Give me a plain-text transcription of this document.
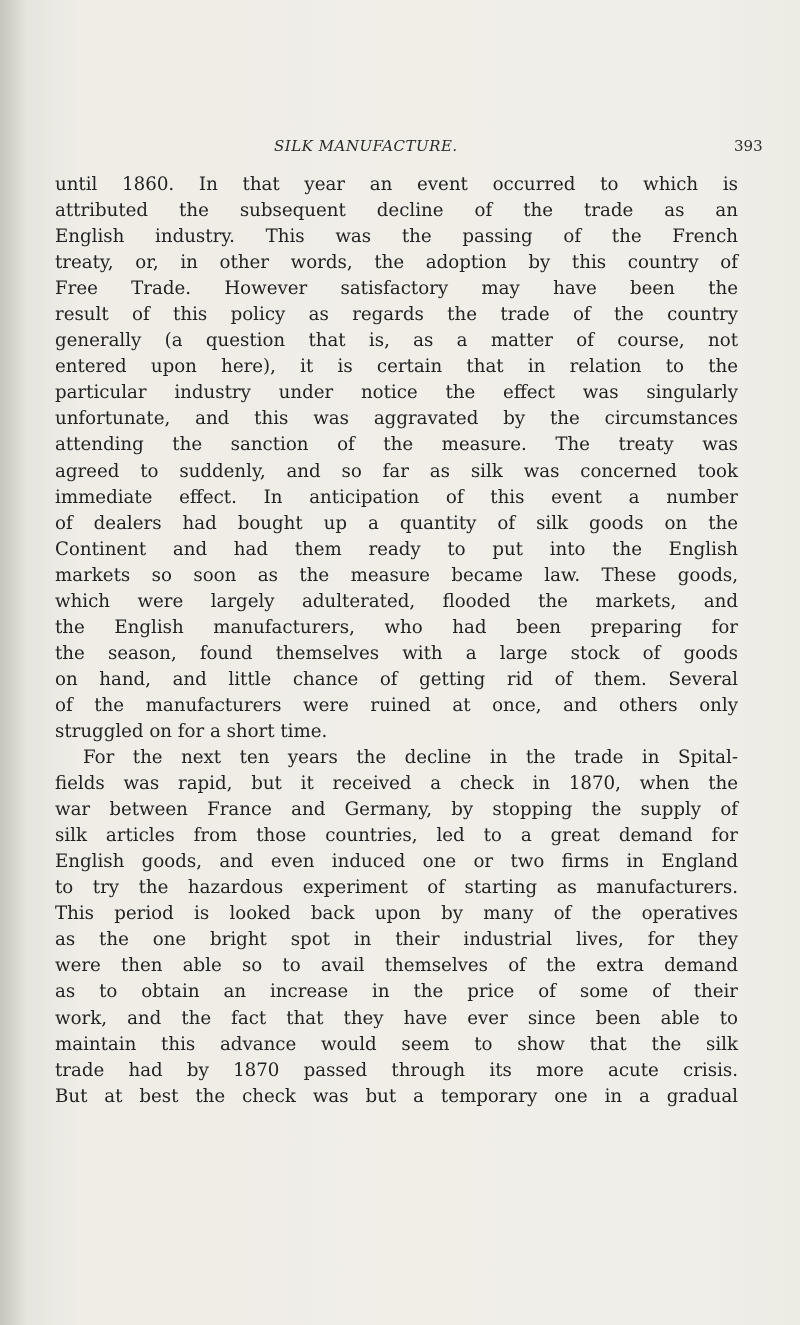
SILK MANUFACTURE.	393
until 1860. In that year an event occurred to which is
attributed the subsequent decline of the trade as an
English industry. This was the passing of the French
treaty, or, in other words, the adoption by this country of
Free Trade. However satisfactory may have been the
result of this policy as regards the trade of the country
generally (a question that is, as a matter of course, not
entered upon here), it is certain that in relation to the
particular industry under notice the effect was singularly
unfortunate, and this was aggravated by the circumstances
attending the sanction of the measure. The treaty was
agreed to suddenly, and so far as silk was concerned took
immediate effect. In anticipation of this event a number
of dealers had bought up a quantity of silk goods on the
Continent and had them ready to put into the English
markets so soon as the measure became law. These goods,
which were largely adulterated, flooded the markets, and
the English manufacturers, who had been preparing for
the season, found themselves with a large stock of goods
on hand, and little chance of getting rid of them. Several
of the manufacturers were ruined at once, and others only
struggled on for a short time.
For the next ten years the decline in the trade in Spital-
fields was rapid, but it received a check in 1870, when the
war between France and Germany, by stopping the supply of
silk articles from those countries, led to a great demand for
English goods, and even induced one or two firms in England
to try the hazardous experiment of starting as manufacturers.
This period is looked back upon by many of the operatives
as the one bright spot in their industrial lives, for they
were then able so to avail themselves of the extra demand
as to obtain an increase in the price of some of their
work, and the fact that they have ever since been able to
maintain this advance would seem to show that the silk
trade had by 1870 passed through its more acute crisis.
But at best the check was but a temporary one in a gradual
